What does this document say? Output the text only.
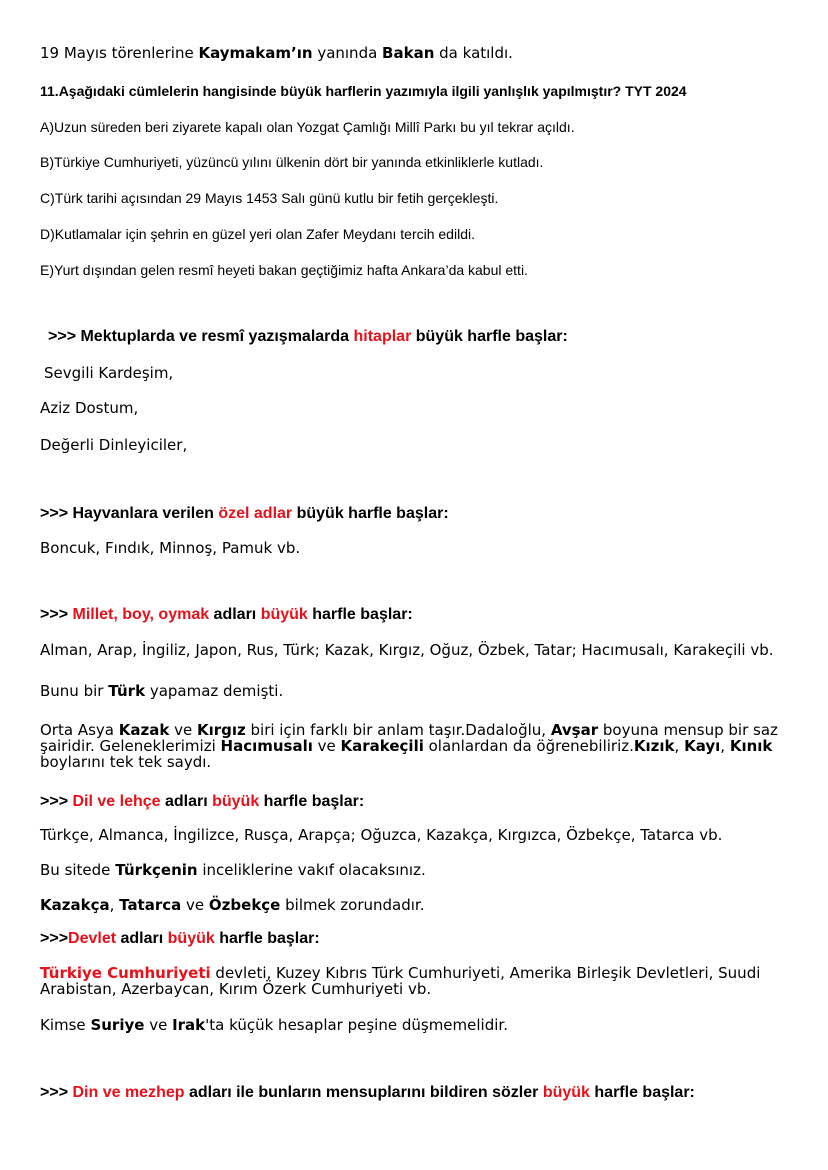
19 Mayıs törenlerine Kaymakam’ın yanında Bakan da katıldı.
11.Aşağıdaki cümlelerin hangisinde büyük harflerin yazımıyla ilgili yanlışlık yapılmıştır? TYT 2024
A)Uzun süreden beri ziyarete kapalı olan Yozgat Çamlığı Millî Parkı bu yıl tekrar açıldı.
B)Türkiye Cumhuriyeti, yüzüncü yılını ülkenin dört bir yanında etkinliklerle kutladı.
C)Türk tarihi açısından 29 Mayıs 1453 Salı günü kutlu bir fetih gerçekleşti.
D)Kutlamalar için şehrin en güzel yeri olan Zafer Meydanı tercih edildi.
E)Yurt dışından gelen resmî heyeti bakan geçtiğimiz hafta Ankara’da kabul etti.
>>> Mektuplarda ve resmî yazışmalarda hitaplar büyük harfle başlar:
Sevgili Kardeşim,
Aziz Dostum,
Değerli Dinleyiciler,
>>> Hayvanlara verilen özel adlar büyük harfle başlar:
Boncuk, Fındık, Minnoş, Pamuk vb.
>>> Millet, boy, oymak adları büyük harfle başlar:
Alman, Arap, İngiliz, Japon, Rus, Türk; Kazak, Kırgız, Oğuz, Özbek, Tatar; Hacımusalı, Karakeçili vb.
Bunu bir Türk yapamaz demişti.
Orta Asya Kazak ve Kırgız biri için farklı bir anlam taşır.Dadaloğlu, Avşar boyuna mensup bir saz şairidir. Geleneklerimizi Hacımusalı ve Karakeçili olanlardan da öğrenebiliriz.Kızık, Kayı, Kınık boylarını tek tek saydı.
>>> Dil ve lehçe adları büyük harfle başlar:
Türkçe, Almanca, İngilizce, Rusça, Arapça; Oğuzca, Kazakça, Kırgızca, Özbekçe, Tatarca vb.
Bu sitede Türkçenin inceliklerine vakıf olacaksınız.
Kazakça, Tatarca ve Özbekçe bilmek zorundadır.
>>>Devlet adları büyük harfle başlar:
Türkiye Cumhuriyeti devleti, Kuzey Kıbrıs Türk Cumhuriyeti, Amerika Birleşik Devletleri, Suudi Arabistan, Azerbaycan, Kırım Özerk Cumhuriyeti vb.
Kimse Suriye ve Irak'ta küçük hesaplar peşine düşmemelidir.
>>> Din ve mezhep adları ile bunların mensuplarını bildiren sözler büyük harfle başlar:
